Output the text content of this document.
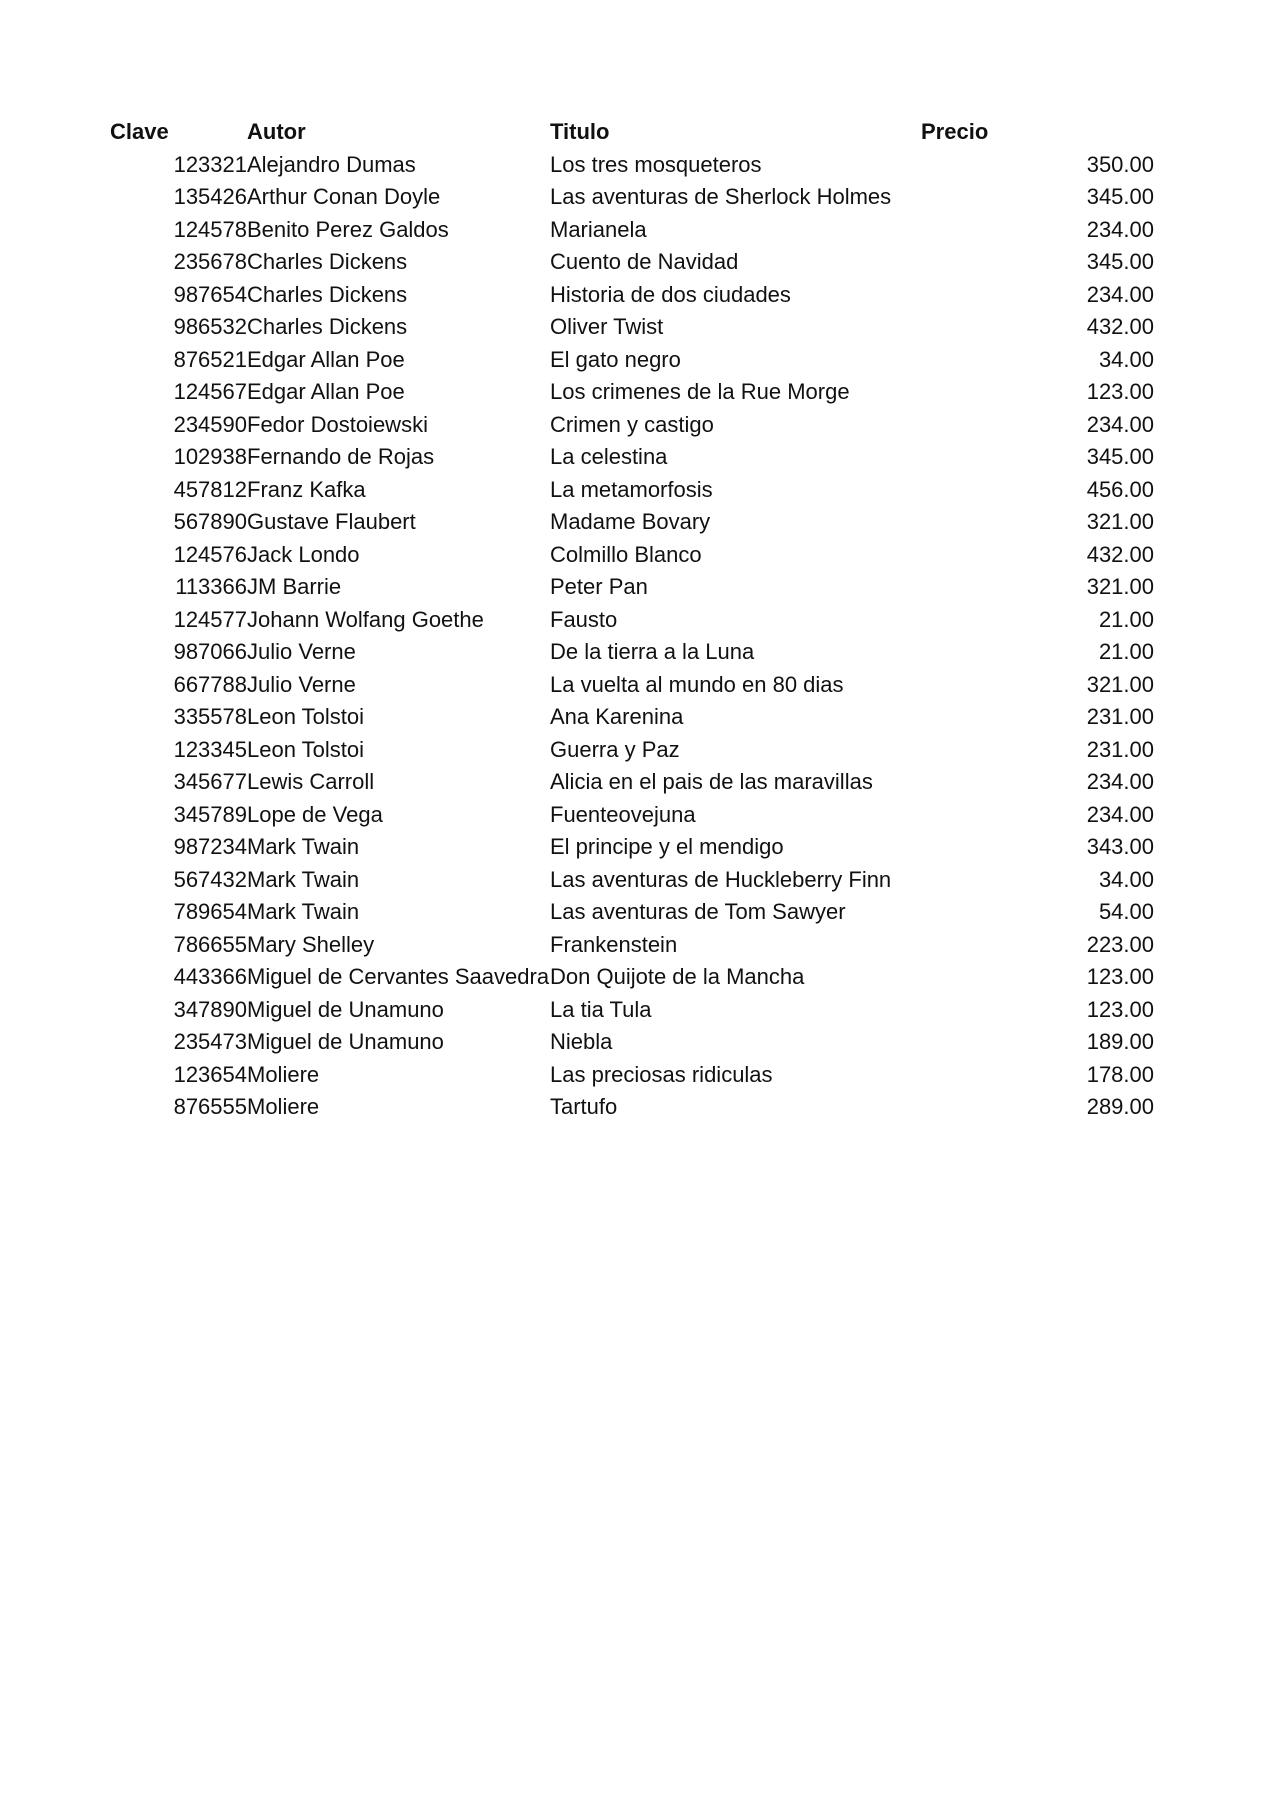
Clave	Autor	Titulo	Precio
123321	Alejandro Dumas	Los tres mosqueteros	350.00
135426	Arthur Conan Doyle	Las aventuras de Sherlock Holmes	345.00
124578	Benito Perez Galdos	Marianela	234.00
235678	Charles Dickens	Cuento de Navidad	345.00
987654	Charles Dickens	Historia de dos ciudades	234.00
986532	Charles Dickens	Oliver Twist	432.00
876521	Edgar Allan Poe	El gato negro	34.00
124567	Edgar Allan Poe	Los crimenes de la Rue Morge	123.00
234590	Fedor Dostoiewski	Crimen y castigo	234.00
102938	Fernando de Rojas	La celestina	345.00
457812	Franz Kafka	La metamorfosis	456.00
567890	Gustave Flaubert	Madame Bovary	321.00
124576	Jack Londo	Colmillo Blanco	432.00
113366	JM Barrie	Peter Pan	321.00
124577	Johann Wolfang Goethe	Fausto	21.00
987066	Julio Verne	De la tierra a la Luna	21.00
667788	Julio Verne	La vuelta al mundo en 80 dias	321.00
335578	Leon Tolstoi	Ana Karenina	231.00
123345	Leon Tolstoi	Guerra y Paz	231.00
345677	Lewis Carroll	Alicia en el pais de las maravillas	234.00
345789	Lope de Vega	Fuenteovejuna	234.00
987234	Mark Twain	El principe y el mendigo	343.00
567432	Mark Twain	Las aventuras de Huckleberry Finn	34.00
789654	Mark Twain	Las aventuras de Tom Sawyer	54.00
786655	Mary Shelley	Frankenstein	223.00
443366	Miguel de Cervantes Saavedra	Don Quijote de la Mancha	123.00
347890	Miguel de Unamuno	La tia Tula	123.00
235473	Miguel de Unamuno	Niebla	189.00
123654	Moliere	Las preciosas ridiculas	178.00
876555	Moliere	Tartufo	289.00
